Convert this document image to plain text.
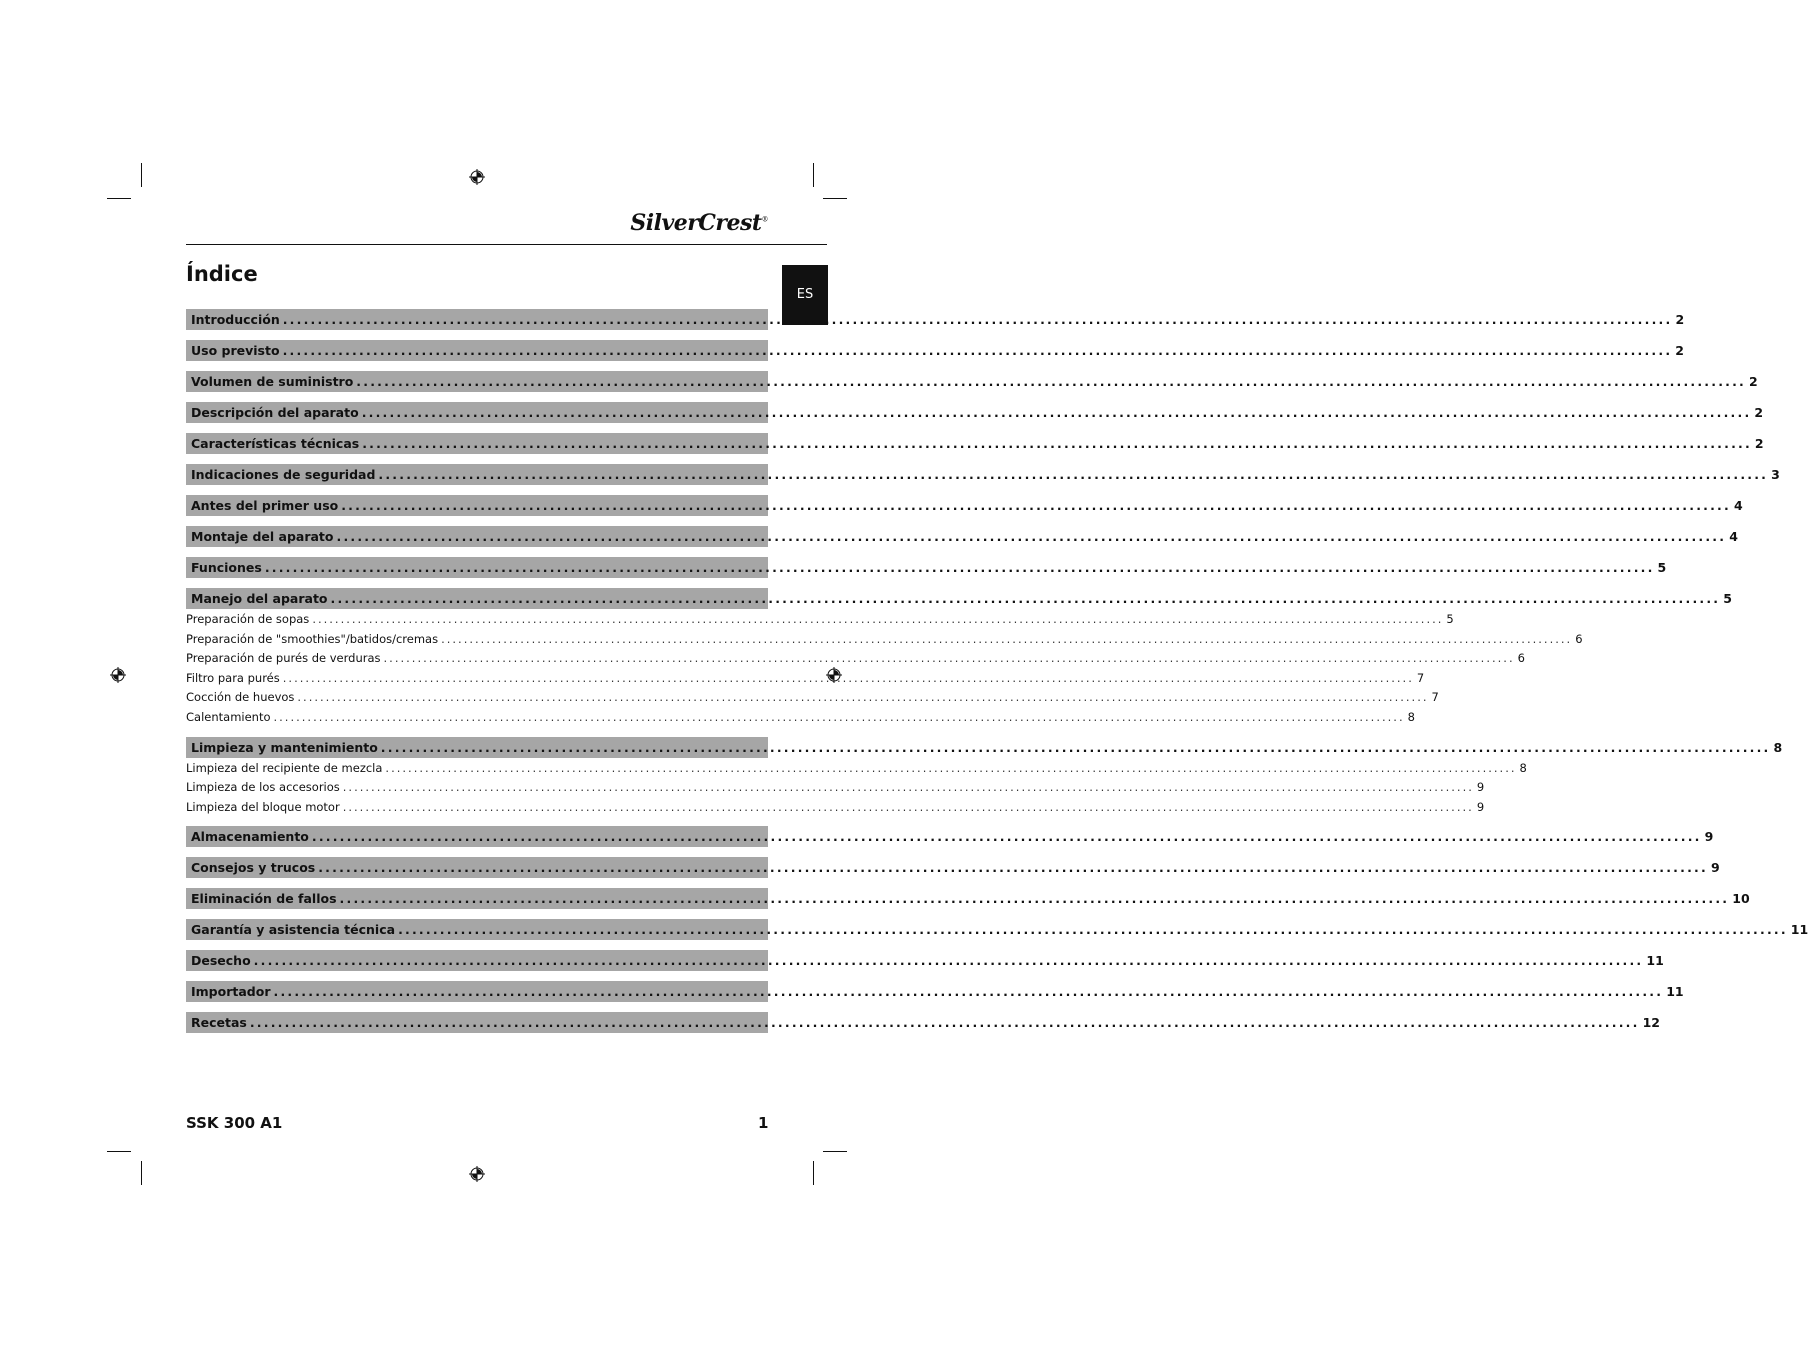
SilverCrest®
Índice
ES
Introducción ........................................................................................................................................................................................................ 2
Uso previsto ........................................................................................................................................................................................................ 2
Volumen de suministro ........................................................................................................................................................................................................ 2
Descripción del aparato ........................................................................................................................................................................................................ 2
Características técnicas ........................................................................................................................................................................................................ 2
Indicaciones de seguridad ........................................................................................................................................................................................................ 3
Antes del primer uso ........................................................................................................................................................................................................ 4
Montaje del aparato ........................................................................................................................................................................................................ 4
Funciones ........................................................................................................................................................................................................ 5
Manejo del aparato ........................................................................................................................................................................................................ 5
Preparación de sopas ........................................................................................................................................................................................................ 5
Preparación de "smoothies"/batidos/cremas ........................................................................................................................................................................................................ 6
Preparación de purés de verduras ........................................................................................................................................................................................................ 6
Filtro para purés ........................................................................................................................................................................................................ 7
Cocción de huevos ........................................................................................................................................................................................................ 7
Calentamiento ........................................................................................................................................................................................................ 8
Limpieza y mantenimiento ........................................................................................................................................................................................................ 8
Limpieza del recipiente de mezcla ........................................................................................................................................................................................................ 8
Limpieza de los accesorios ........................................................................................................................................................................................................ 9
Limpieza del bloque motor ........................................................................................................................................................................................................ 9
Almacenamiento ........................................................................................................................................................................................................ 9
Consejos y trucos ........................................................................................................................................................................................................ 9
Eliminación de fallos ........................................................................................................................................................................................................ 10
Garantía y asistencia técnica ........................................................................................................................................................................................................ 11
Desecho ........................................................................................................................................................................................................ 11
Importador ........................................................................................................................................................................................................ 11
Recetas ........................................................................................................................................................................................................ 12
SSK 300 A1	1
